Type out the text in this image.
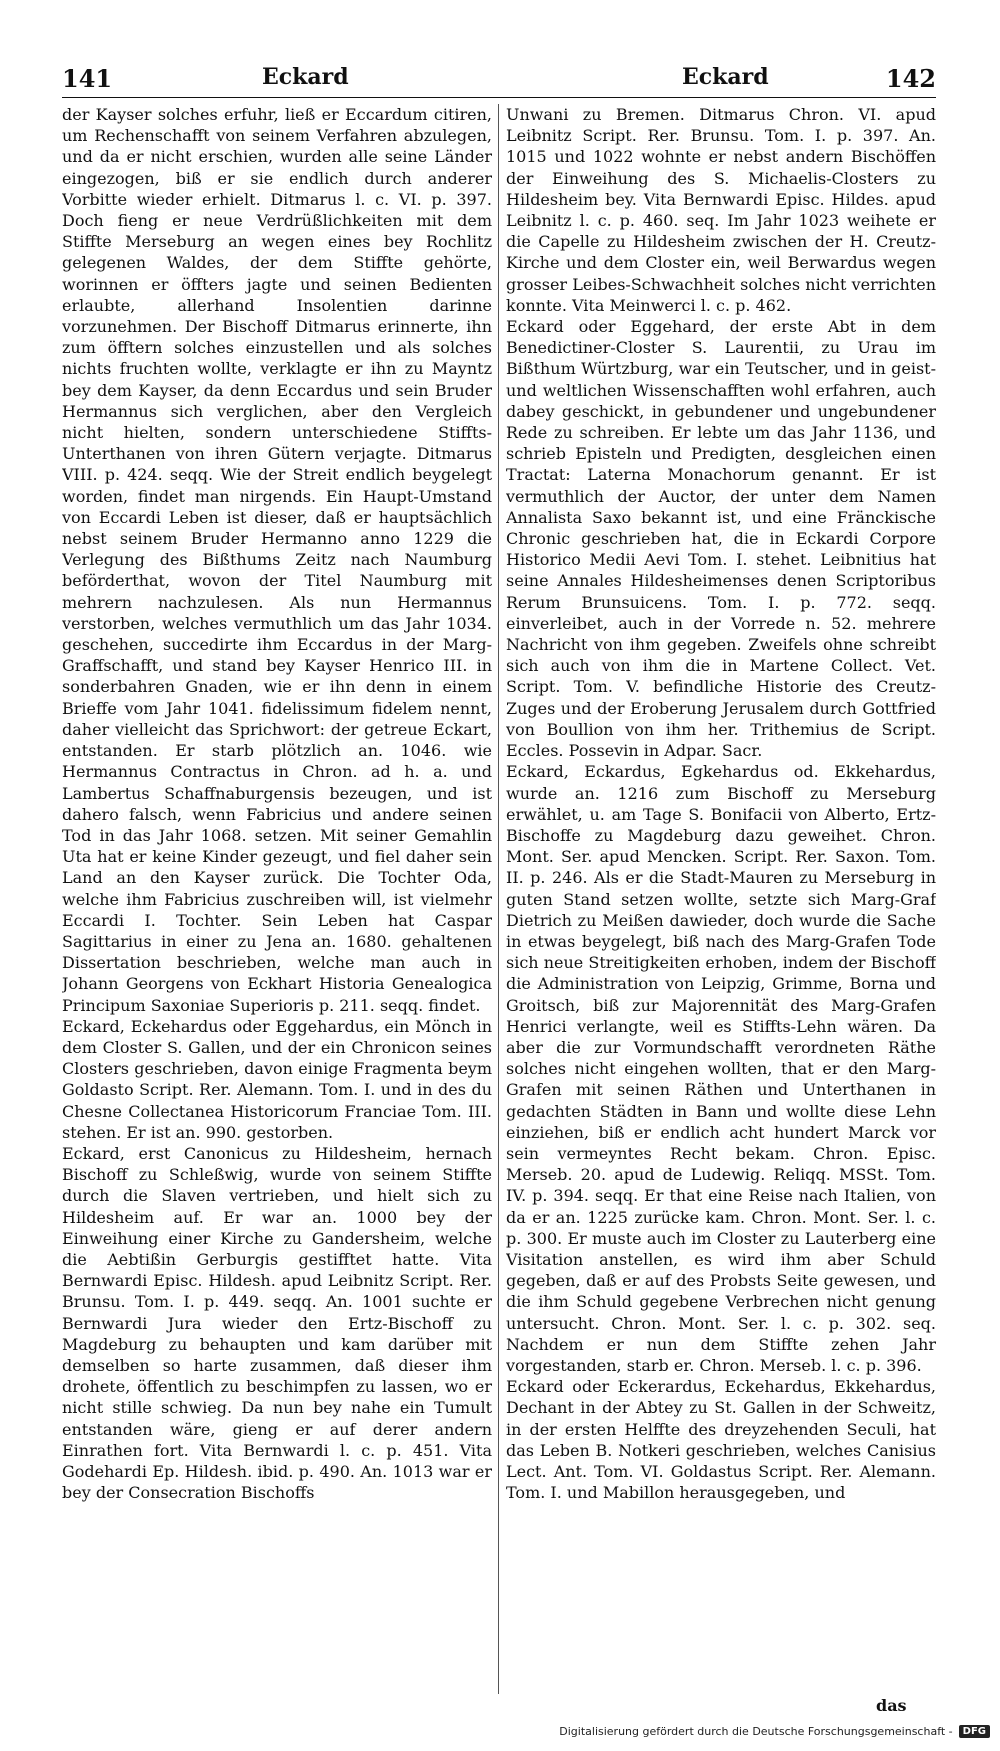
141	Eckard	Eckard	142

der Kayser solches erfuhr, ließ er Eccardum citiren, um Rechenschafft von seinem Verfahren abzulegen, und da er nicht erschien, wurden alle seine Länder eingezogen, biß er sie endlich durch anderer Vorbitte wieder erhielt. Ditmarus l. c. VI. p. 397. Doch fieng er neue Verdrüßlichkeiten mit dem Stiffte Merseburg an wegen eines bey Rochlitz gelegenen Waldes, der dem Stiffte gehörte, worinnen er öffters jagte und seinen Bedienten erlaubte, allerhand Insolentien darinne vorzunehmen. Der Bischoff Ditmarus erinnerte, ihn zum öfftern solches einzustellen und als solches nichts fruchten wollte, verklagte er ihn zu Mayntz bey dem Kayser, da denn Eccardus und sein Bruder Hermannus sich verglichen, aber den Vergleich nicht hielten, sondern unterschiedene Stiffts-Unterthanen von ihren Gütern verjagte. Ditmarus VIII. p. 424. seqq. Wie der Streit endlich beygelegt worden, findet man nirgends. Ein Haupt-Umstand von Eccardi Leben ist dieser, daß er hauptsächlich nebst seinem Bruder Hermanno anno 1229 die Verlegung des Bißthums Zeitz nach Naumburg beförderthat, wovon der Titel Naumburg mit mehrern nachzulesen. Als nun Hermannus verstorben, welches vermuthlich um das Jahr 1034. geschehen, succedirte ihm Eccardus in der Marg-Graffschafft, und stand bey Kayser Henrico III. in sonderbahren Gnaden, wie er ihn denn in einem Brieffe vom Jahr 1041. fidelissimum fidelem nennt, daher vielleicht das Sprichwort: der getreue Eckart, entstanden. Er starb plötzlich an. 1046. wie Hermannus Contractus in Chron. ad h. a. und Lambertus Schaffnaburgensis bezeugen, und ist dahero falsch, wenn Fabricius und andere seinen Tod in das Jahr 1068. setzen. Mit seiner Gemahlin Uta hat er keine Kinder gezeugt, und fiel daher sein Land an den Kayser zurück. Die Tochter Oda, welche ihm Fabricius zuschreiben will, ist vielmehr Eccardi I. Tochter. Sein Leben hat Caspar Sagittarius in einer zu Jena an. 1680. gehaltenen Dissertation beschrieben, welche man auch in Johann Georgens von Eckhart Historia Genealogica Principum Saxoniae Superioris p. 211. seqq. findet.

Eckard, Eckehardus oder Eggehardus, ein Mönch in dem Closter S. Gallen, und der ein Chronicon seines Closters geschrieben, davon einige Fragmenta beym Goldasto Script. Rer. Alemann. Tom. I. und in des du Chesne Collectanea Historicorum Franciae Tom. III. stehen. Er ist an. 990. gestorben.

Eckard, erst Canonicus zu Hildesheim, hernach Bischoff zu Schleßwig, wurde von seinem Stiffte durch die Slaven vertrieben, und hielt sich zu Hildesheim auf. Er war an. 1000 bey der Einweihung einer Kirche zu Gandersheim, welche die Aebtißin Gerburgis gestifftet hatte. Vita Bernwardi Episc. Hildesh. apud Leibnitz Script. Rer. Brunsu. Tom. I. p. 449. seqq. An. 1001 suchte er Bernwardi Jura wieder den Ertz-Bischoff zu Magdeburg zu behaupten und kam darüber mit demselben so harte zusammen, daß dieser ihm drohete, öffentlich zu beschimpfen zu lassen, wo er nicht stille schwieg. Da nun bey nahe ein Tumult entstanden wäre, gieng er auf derer andern Einrathen fort. Vita Bernwardi l. c. p. 451. Vita Godehardi Ep. Hildesh. ibid. p. 490. An. 1013 war er bey der Consecration Bischoffs

Unwani zu Bremen. Ditmarus Chron. VI. apud Leibnitz Script. Rer. Brunsu. Tom. I. p. 397. An. 1015 und 1022 wohnte er nebst andern Bischöffen der Einweihung des S. Michaelis-Closters zu Hildesheim bey. Vita Bernwardi Episc. Hildes. apud Leibnitz l. c. p. 460. seq. Im Jahr 1023 weihete er die Capelle zu Hildesheim zwischen der H. Creutz-Kirche und dem Closter ein, weil Berwardus wegen grosser Leibes-Schwachheit solches nicht verrichten konnte. Vita Meinwerci l. c. p. 462.

Eckard oder Eggehard, der erste Abt in dem Benedictiner-Closter S. Laurentii, zu Urau im Bißthum Würtzburg, war ein Teutscher, und in geist- und weltlichen Wissenschafften wohl erfahren, auch dabey geschickt, in gebundener und ungebundener Rede zu schreiben. Er lebte um das Jahr 1136, und schrieb Episteln und Predigten, desgleichen einen Tractat: Laterna Monachorum genannt. Er ist vermuthlich der Auctor, der unter dem Namen Annalista Saxo bekannt ist, und eine Fränckische Chronic geschrieben hat, die in Eckardi Corpore Historico Medii Aevi Tom. I. stehet. Leibnitius hat seine Annales Hildesheimenses denen Scriptoribus Rerum Brunsuicens. Tom. I. p. 772. seqq. einverleibet, auch in der Vorrede n. 52. mehrere Nachricht von ihm gegeben. Zweifels ohne schreibt sich auch von ihm die in Martene Collect. Vet. Script. Tom. V. befindliche Historie des Creutz-Zuges und der Eroberung Jerusalem durch Gottfried von Boullion von ihm her. Trithemius de Script. Eccles. Possevin in Adpar. Sacr.

Eckard, Eckardus, Egkehardus od. Ekkehardus, wurde an. 1216 zum Bischoff zu Merseburg erwählet, u. am Tage S. Bonifacii von Alberto, Ertz-Bischoffe zu Magdeburg dazu geweihet. Chron. Mont. Ser. apud Mencken. Script. Rer. Saxon. Tom. II. p. 246. Als er die Stadt-Mauren zu Merseburg in guten Stand setzen wollte, setzte sich Marg-Graf Dietrich zu Meißen dawieder, doch wurde die Sache in etwas beygelegt, biß nach des Marg-Grafen Tode sich neue Streitigkeiten erhoben, indem der Bischoff die Administration von Leipzig, Grimme, Borna und Groitsch, biß zur Majorennität des Marg-Grafen Henrici verlangte, weil es Stiffts-Lehn wären. Da aber die zur Vormundschafft verordneten Räthe solches nicht eingehen wollten, that er den Marg-Grafen mit seinen Räthen und Unterthanen in gedachten Städten in Bann und wollte diese Lehn einziehen, biß er endlich acht hundert Marck vor sein vermeyntes Recht bekam. Chron. Episc. Merseb. 20. apud de Ludewig. Reliqq. MSSt. Tom. IV. p. 394. seqq. Er that eine Reise nach Italien, von da er an. 1225 zurücke kam. Chron. Mont. Ser. l. c. p. 300. Er muste auch im Closter zu Lauterberg eine Visitation anstellen, es wird ihm aber Schuld gegeben, daß er auf des Probsts Seite gewesen, und die ihm Schuld gegebene Verbrechen nicht genung untersucht. Chron. Mont. Ser. l. c. p. 302. seq. Nachdem er nun dem Stiffte zehen Jahr vorgestanden, starb er. Chron. Merseb. l. c. p. 396.

Eckard oder Eckerardus, Eckehardus, Ekkehardus, Dechant in der Abtey zu St. Gallen in der Schweitz, in der ersten Helffte des dreyzehenden Seculi, hat das Leben B. Notkeri geschrieben, welches Canisius Lect. Ant. Tom. VI. Goldastus Script. Rer. Alemann. Tom. I. und Mabillon herausgegeben, und

das
Digitalisierung gefördert durch die Deutsche Forschungsgemeinschaft -	DFG
